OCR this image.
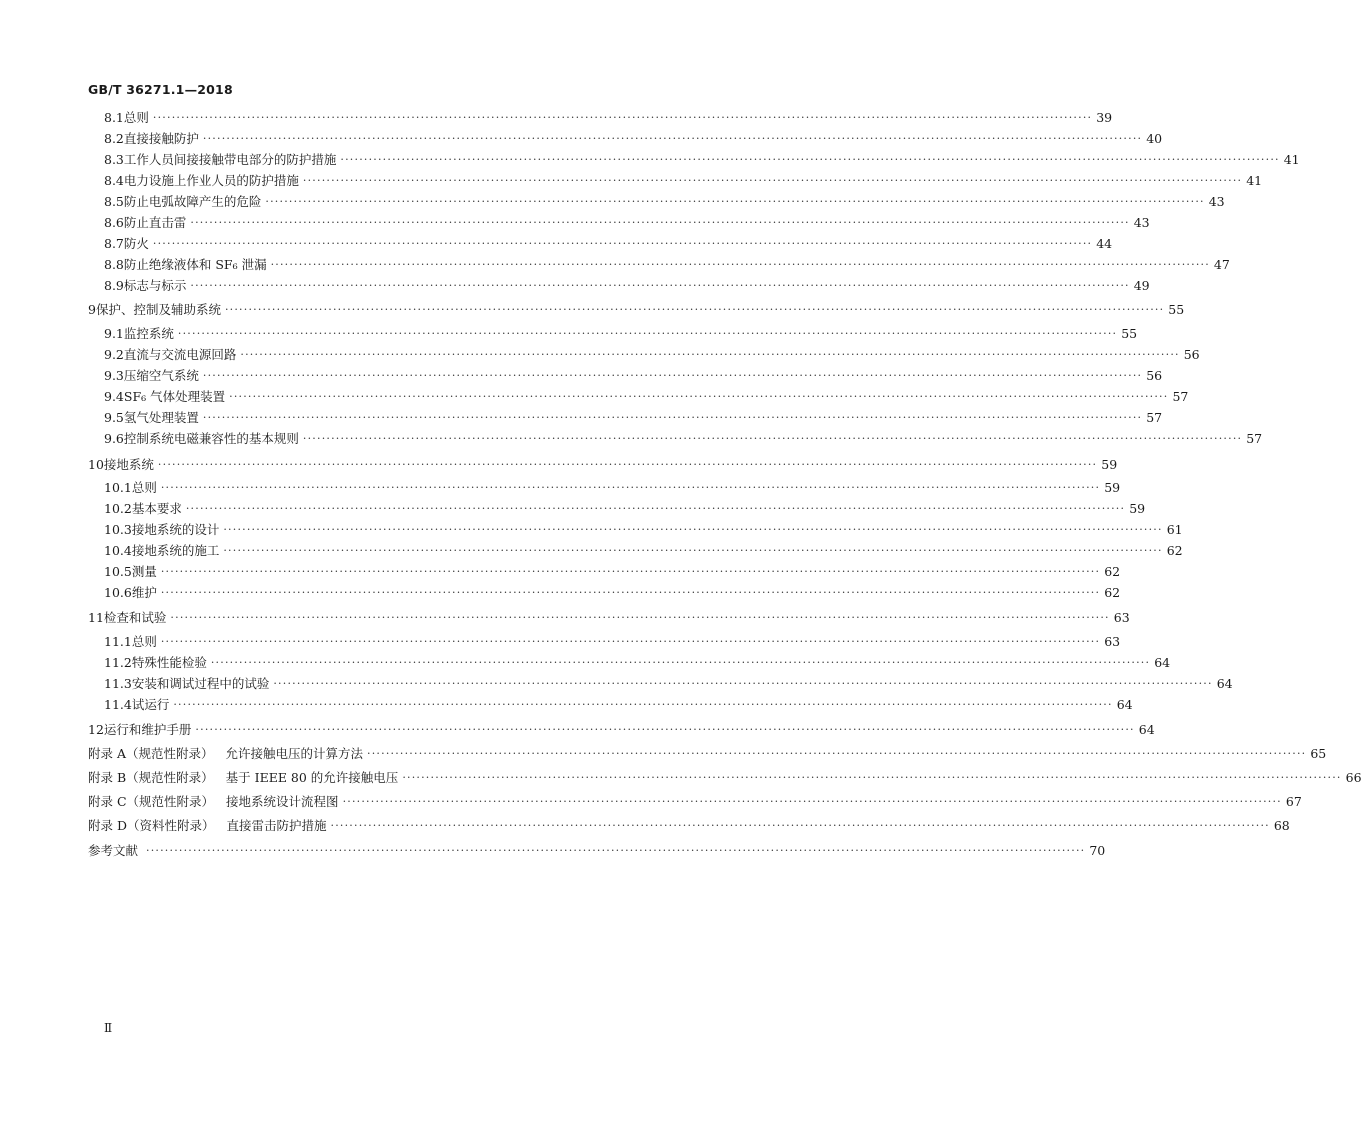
GB/T 36271.1—2018
8.1 总则 ········································································································································································································ 39
8.2 直接接触防护 ········································································································································································································ 40
8.3 工作人员间接接触带电部分的防护措施 ········································································································································································································ 41
8.4 电力设施上作业人员的防护措施 ········································································································································································································ 41
8.5 防止电弧故障产生的危险 ········································································································································································································ 43
8.6 防止直击雷 ········································································································································································································ 43
8.7 防火 ········································································································································································································ 44
8.8 防止绝缘液体和 SF₆ 泄漏 ········································································································································································································ 47
8.9 标志与标示 ········································································································································································································ 49
9 保护、控制及辅助系统 ········································································································································································································ 55
9.1 监控系统 ········································································································································································································ 55
9.2 直流与交流电源回路 ········································································································································································································ 56
9.3 压缩空气系统 ········································································································································································································ 56
9.4 SF₆ 气体处理装置 ········································································································································································································ 57
9.5 氢气处理装置 ········································································································································································································ 57
9.6 控制系统电磁兼容性的基本规则 ········································································································································································································ 57
10 接地系统 ········································································································································································································ 59
10.1 总则 ········································································································································································································ 59
10.2 基本要求 ········································································································································································································ 59
10.3 接地系统的设计 ········································································································································································································ 61
10.4 接地系统的施工 ········································································································································································································ 62
10.5 测量 ········································································································································································································ 62
10.6 维护 ········································································································································································································ 62
11 检查和试验 ········································································································································································································ 63
11.1 总则 ········································································································································································································ 63
11.2 特殊性能检验 ········································································································································································································ 64
11.3 安装和调试过程中的试验 ········································································································································································································ 64
11.4 试运行 ········································································································································································································ 64
12 运行和维护手册 ········································································································································································································ 64
附录 A（规范性附录） 允许接触电压的计算方法 ········································································································································································································ 65
附录 B（规范性附录） 基于 IEEE 80 的允许接触电压 ········································································································································································································ 66
附录 C（规范性附录） 接地系统设计流程图 ········································································································································································································ 67
附录 D（资料性附录） 直接雷击防护措施 ········································································································································································································ 68
参考文献 ········································································································································································································ 70
Ⅱ
